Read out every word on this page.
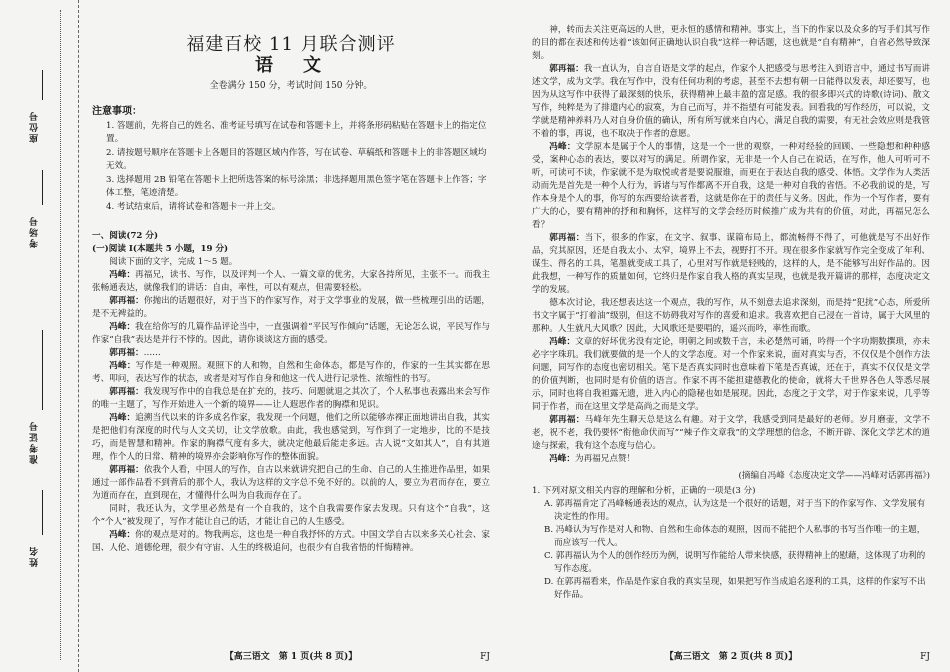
座位号
考场号
准考证号
姓名
福建百校 11 月联合测评
语　文
全卷满分 150 分，考试时间 150 分钟。
注意事项：
1. 答题前，先将自己的姓名、准考证号填写在试卷和答题卡上，并将条形码粘贴在答题卡上的指定位置。
2. 请按题号顺序在答题卡上各题目的答题区域内作答，写在试卷、草稿纸和答题卡上的非答题区域均无效。
3. 选择题用 2B 铅笔在答题卡上把所选答案的标号涂黑；非选择题用黑色签字笔在答题卡上作答；字体工整，笔迹清楚。
4. 考试结束后，请将试卷和答题卡一并上交。
一、阅读(72 分)
(一)阅读 I(本题共 5 小题，19 分)
阅读下面的文字，完成 1～5 题。

冯峰：再福兄，读书、写作，以及评判一个人、一篇文章的优劣，大家各持所见，主张不一。而我主张畅通表达，就像我们的讲话：自由，率性，可以有观点，但需要轻松。

郭再福：你抛出的话题很好，对于当下的作家写作，对于文学事业的发展，做一些梳理引出的话题，是不无裨益的。

冯峰：我在给你写的几篇作品评论当中，一直强调着“平民写作倾向”话题，无论怎么说，平民写作与作家“自我”表达是并行不悖的。因此，请你谈谈这方面的感受。

郭再福：……

冯峰：写作是一种观照。观照下的人和物，自然和生命体态，都是写作的，作家的一生其实都在思考、叩问，表达写作的状态，或者是对写作自身和他这一代人进行记录性、浓缩性的书写。

郭再福：我发现写作中的自我总是在扩充的，技巧、问题就退之其次了，个人私事也表露出来会写作的唯一主题了，写作开始进入一个新的境界——让人遐思作者的胸襟和见识。

冯峰：追溯当代以来的许多成名作家，我发现一个问题，他们之所以能够赤裸正面地讲出自我，其实是把他们有深度的时代与人文关切，让文学放歌。由此，我也感觉到，写作到了一定地步，比的不是技巧，而是智慧和精神。作家的胸襟气度有多大，就决定他最后能走多远。古人说“文如其人”，自有其道理，作个人的日常、精神的境界亦会影响你写作的整体面貌。

郭再福：依我个人看，中国人的写作，自古以来就讲究把自己的生命、自己的人生推进作品里，如果通过一部作品看不到背后的那个人，我认为这样的文字总不免不好的。以前的人，要立为君而存在，要立为道而存在，直到现在，才懂得什么叫为自我而存在了。

同时，我还认为，文学里必然是有一个自我的，这个自我需要作家去发现。只有这个“自我”，这个“个人”被发现了，写作才能让自己的话，才能让自己的人生感受。

冯峰：你的观点是对的。物我两忘，这也是一种自我抒怀的方式。中国文学自古以来多关心社会、家国、人伦、道德伦理，很少有守宙、人生的终极追问，也很少有自我省悟的忏悔精神。

【高三语文　第 1 页(共 8 页)】	FJ

神，转而去关注更高远的人世，更永恒的感情和精神。事实上，当下的作家以及众多的写手们其写作的目的都在表述和传达着“该如何正确地认识自我”这样一种话题，这也就是“自有精神”，自省必然导致深刻。

郭再福：我一直认为，自言自语是文学的起点，作家个人把感受与思考注入到语言中，通过书写而讲述文学，成为文学。我在写作中，没有任何功利的考虑，甚至不去想有朝一日能得以发表，却还要写，也因为从这写作中获得了最深刻的快乐，获得精神上最丰盈的富足感。我的很多即兴式的诗歌(诗词)、散文写作，纯粹是为了排遣内心的寂寞，为自己而写，并不指望有可能发表。回看我的写作经历，可以说，文学就是精神养料乃人对自身价值的确认，所有所写就来自内心，满足自我的需要，有无社会效应则是我管不着的事，再说，也不取决于作者的意愿。

冯峰：文学原本是属于个人的事情，这是一个一世的观察，一种对经验的回顾、一些隐想和种种感受，案种心态的表达，要以对写的满足。所谓作家，无非是一个人自己在说话，在写作，他人可听可不听，可读可不读，作家就不是为取悦或者是要说服谁，而更在于表达自我的感受、体悟。文学作为人类活动而先是首先是一种个人行为，诉诸与写作都离不开自我，这是一种对自我的省悟。不必我前说的是，写作本身是个人的事，你写的东西要给读者看，这就是你在于的责任与义务。因此，作为一个写作者，要有广大的心，要有精神的抒和和胸怀，这样写的文学会经历时候推广成为共有的价值，对此，再福兄怎么看？

郭再福：当下，很多的作家，在文字、叙事、谋篇布局上，都流畅得不得了，可他就是写不出好作品，究其原因，还是自我太小、太窄，境界上不去，视野打不开。现在很多作家就写作完全变成了年利、谋生、得名的工具，笔墨就变成工具了，心里对写作就是轻贱的，这样的人，是不能够写出好作品的。因此我想，一种写作的质量如何，它终归是作家自我人格的真实呈现，也就是我开篇讲的那样，态度决定文学的发展。

德本次讨论，我还想表达这一个观点，我的写作，从不刻意去追求深刻，而是持“犯扰”心态，所爱所书文字属于“打着油”级别，但这不妨碍我对写作的喜爱和追求。我喜欢把自己浸在一首诗，属于大风里的那种。人生就凡大风歌？因此，大风歌还是要唱的，遥兴而吟，率性而歌。

冯峰：文章的好坏优劣没有定论，明朝之间或数千言，未必楚然可诵，吟得一个字功期数撰琐，亦未必字字珠玑。我们就要做的是一个人的文学态度。对一个作家来说，面对真实与否，不仅仅是个创作方法问题，同写作的态度也密切相关。笔下是否真实同时也意味着下笔是否真诚，还在于，真实不仅仅是文学的价值判断，也同时是有价值的语言。作家不再不能担建德教化的使命，就将大千世界各色人等悉尽展示，同时也将自我袒露无遗，进入内心的隐秘也如是展现。因此，态度之于文学，对于作家来说，几乎等同于作者，而在这里文学是高尚之而是文学。

郭再福：马峰年先生聊天总是这么有趣。对于文学，我感受到同是最好的老师。岁月磨壶，文学不老，祝不老，我仍要怀“衔他命伏而写”“辣子作文章我”的文学理想的信念，不断开辟、深化文学艺术的道途与探索，我有这个态度与信心。

冯峰：为再福兄点赞！

(摘编自冯峰《态度决定文学——冯峰对话郭再福》)
1. 下列对原文相关内容的理解和分析，正确的一项是(3 分)
A. 郭再福肯定了冯峰畅通表达的观点，认为这是一个很好的话题，对于当下的作家写作、文学发展有决定性的作用。
B. 冯峰认为写作是对人和物、自然和生命体态的观照，因而不能把个人私事的书写当作唯一的主题，而应该写一代人。
C. 郭再福认为个人的创作经历为例，说明写作能给人带来快感，获得精神上的慰藉，这体现了功利的写作态度。
D. 在郭再福看来，作品是作家自我的真实呈现，如果把写作当成追名逐利的工具，这样的作家写不出好作品。
【高三语文　第 2 页(共 8 页)】	FJ
